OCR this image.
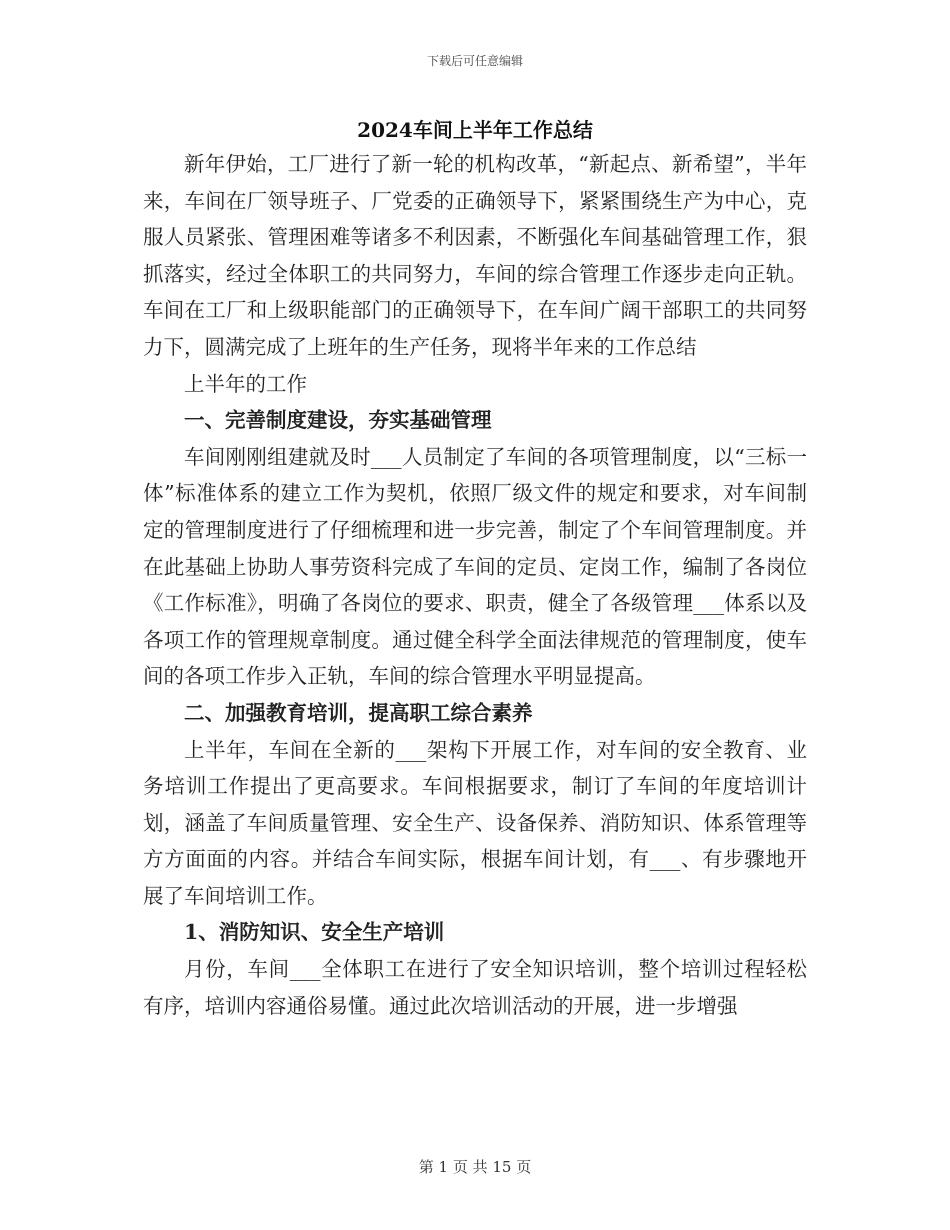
下载后可任意编辑
2024车间上半年工作总结

新年伊始，工厂进行了新一轮的机构改革，“新起点、新希望”，半年来，车间在厂领导班子、厂党委的正确领导下，紧紧围绕生产为中心，克服人员紧张、管理困难等诸多不利因素，不断强化车间基础管理工作，狠抓落实，经过全体职工的共同努力，车间的综合管理工作逐步走向正轨。车间在工厂和上级职能部门的正确领导下，在车间广阔干部职工的共同努力下，圆满完成了上班年的生产任务，现将半年来的工作总结

上半年的工作

一、完善制度建设，夯实基础管理

车间刚刚组建就及时___人员制定了车间的各项管理制度，以“三标一体”标准体系的建立工作为契机，依照厂级文件的规定和要求，对车间制定的管理制度进行了仔细梳理和进一步完善，制定了个车间管理制度。并在此基础上协助人事劳资科完成了车间的定员、定岗工作，编制了各岗位《工作标准》，明确了各岗位的要求、职责，健全了各级管理___体系以及各项工作的管理规章制度。通过健全科学全面法律规范的管理制度，使车间的各项工作步入正轨，车间的综合管理水平明显提高。

二、加强教育培训，提高职工综合素养

上半年，车间在全新的___架构下开展工作，对车间的安全教育、业务培训工作提出了更高要求。车间根据要求，制订了车间的年度培训计划，涵盖了车间质量管理、安全生产、设备保养、消防知识、体系管理等方方面面的内容。并结合车间实际，根据车间计划，有___、有步骤地开展了车间培训工作。

1、消防知识、安全生产培训

月份，车间___全体职工在进行了安全知识培训，整个培训过程轻松有序，培训内容通俗易懂。通过此次培训活动的开展，进一步增强

第 1 页 共 15 页
